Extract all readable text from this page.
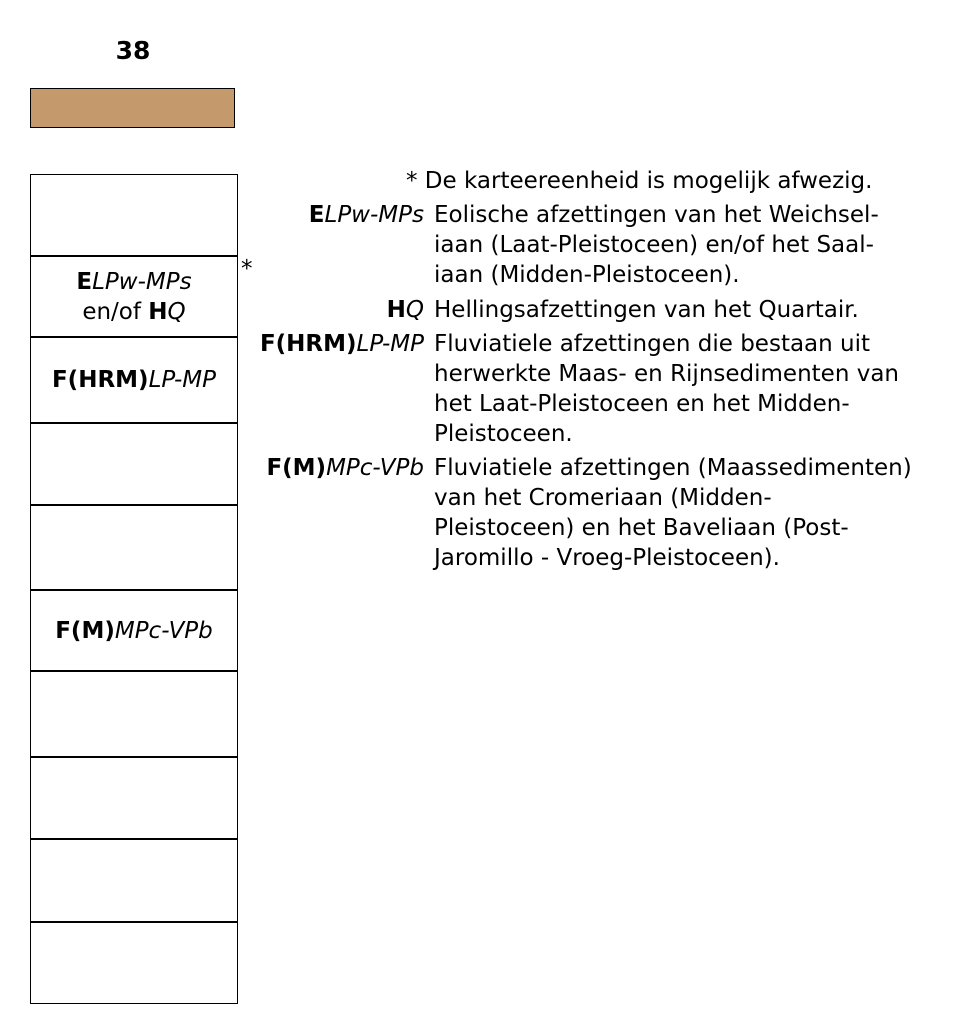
38
ELPw-MPs
en/of HQ
F(HRM)LP-MP
F(M)MPc-VPb
*
* De karteereenheid is mogelijk afwezig.
ELPw-MPs Eolische afzettingen van het Weichsel-
iaan (Laat-Pleistoceen) en/of het Saal-
iaan (Midden-Pleistoceen).
HQ Hellingsafzettingen van het Quartair.
F(HRM)LP-MP Fluviatiele afzettingen die bestaan uit
herwerkte Maas- en Rijnsedimenten van
het Laat-Pleistoceen en het Midden-
Pleistoceen.
F(M)MPc-VPb Fluviatiele afzettingen (Maassedimenten)
van het Cromeriaan (Midden-
Pleistoceen) en het Baveliaan (Post-
Jaromillo - Vroeg-Pleistoceen).
